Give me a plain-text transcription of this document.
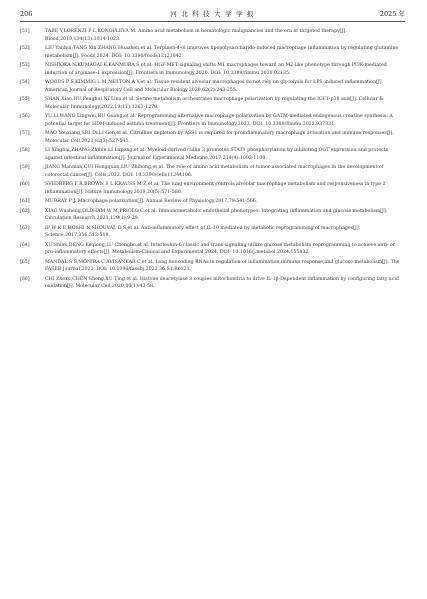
206	河 北 科 技 大 学 学 报	2025 年
[51]	TABE Y,LORENZI P L,KONOPLEVA M. Amino acid metabolism in hematologic malignancies and the era of targeted therapy[J]. Blood,2019,134(13):1014-1023.
[52]	LIU Yanhui,TANG Xin,ZHANG Huazhen,et al. Terpinen-4-ol improves lipopolysaccharide-induced macrophage inflammation by regulating glutamine metabolism[J]. Foods,2024. DOI: 10.3390/foods13121842.
[53]	NISHIOKA N,KUMAGAI K,KANMURA S,et al. HGF-MET signaling shifts M1 macrophages toward an M2-like phenotype through PI3K-mediated induction of arginase-1 expression[J]. Frontiers in Immunology,2020. DOI: 10.3389/fimmu.2020.02135.
[54]	WOODS P S,KIMMIG L M,MELTON A Y,et al. Tissue-resident alveolar macrophages do not rely on glycolysis for LPS-induced inflammation[J]. American Journal of Respiratory Cell and Molecular Biology,2020,62(2):243-255.
[55]	SHAN Xiao,HU Penghui,NI Lina,et al. Serine metabolism orchestrates macrophage polarization by regulating the IGF1-p38 axis[J]. Cellular & Molecular Immunology,2022,19(11):1263-1278.
[56]	YU Li,WANG Lingwei,HU Guang,et al. Reprogramming alternative macrophage polarization by GATM-mediated endogenous creatine synthesis: A potential target for HDM-induced asthma treatment[J]. Frontiers in Immunology,2022. DOI: 10.3389/fimmu.2022.937331.
[57]	MAO Youxiang,SHI Di,LI Gen,et al. Citrulline depletion by ASS1 is required for proinflammatory macrophage activation and immune responses[J]. Molecular Cell,2022,82(3):527-541.
[58]	LI Xinghai,ZHANG Zhibin,LI Lupeng,et al. Myeloid-derived cullin 3 promotes STAT1 phosphorylation by inhibiting OGT expression and protects against intestinal inflammation[J]. Journal of Experimental Medicine,2017,214(4):1093-1109.
[59]	JIANG Manman,CUI Hongquan,LIU Zhihong,et al. The role of amino acid metabolism of tumor associated macrophages in the development of colorectal cancer[J]. Cells,2022. DOI: 10.3390/cells11244106.
[60]	SVEDBERG F R,BROWN S L,KRAUSS M Z,et al. The lung environment controls alveolar macrophage metabolism and responsiveness in type 2 inflammation[J]. Nature Immunology,2019,20(5):571-580.
[61]	MURRAY P J. Macrophage polarization[J]. Annual Review of Physiology,2017,79:541-566.
[62]	XIAO Wusheng,OLDHAM W M,PRIOLO C,et al. Immunometabolic endothelial phenotypes: Integrating inflammation and glucose metabolism[J]. Circulation Research,2021,129(1):9-29.
[63]	IP W K E,HOSHI N,SHOUVAL D S,et al. Anti-inflammatory effect of IL-10 mediated by metabolic reprogramming of macrophages[J]. Science,2017,356:513-519.
[64]	XU Shilei,DENG Keqiong,LU Chengbo,et al. Interleukin-6 classic and trans-signaling utilize glucose metabolism reprogramming to achieve anti- or pro-inflammatory effects[J]. Metabolism-Clinical and Experimental,2024. DOI: 10.1016/j.metabol.2024.155832.
[65]	MANDAL S S,MONIRA C,AVISANKAR C,et al. Long noncoding RNAs in regulation of inflammation,immune response,and glucose metabolism[J]. The FASEB Journal,2022. DOI: 10.1096/fasebj.2022.36.S1.R6321.
[66]	CHI Zhexu,CHEN Sheng,XU Ting,et al. Histone deacetylase 3 couples mitochondria to drive IL-1β-Dependent inflammation by configuring fatty acid oxidation[J]. Molecular Cell,2020,80(1):43-58.
